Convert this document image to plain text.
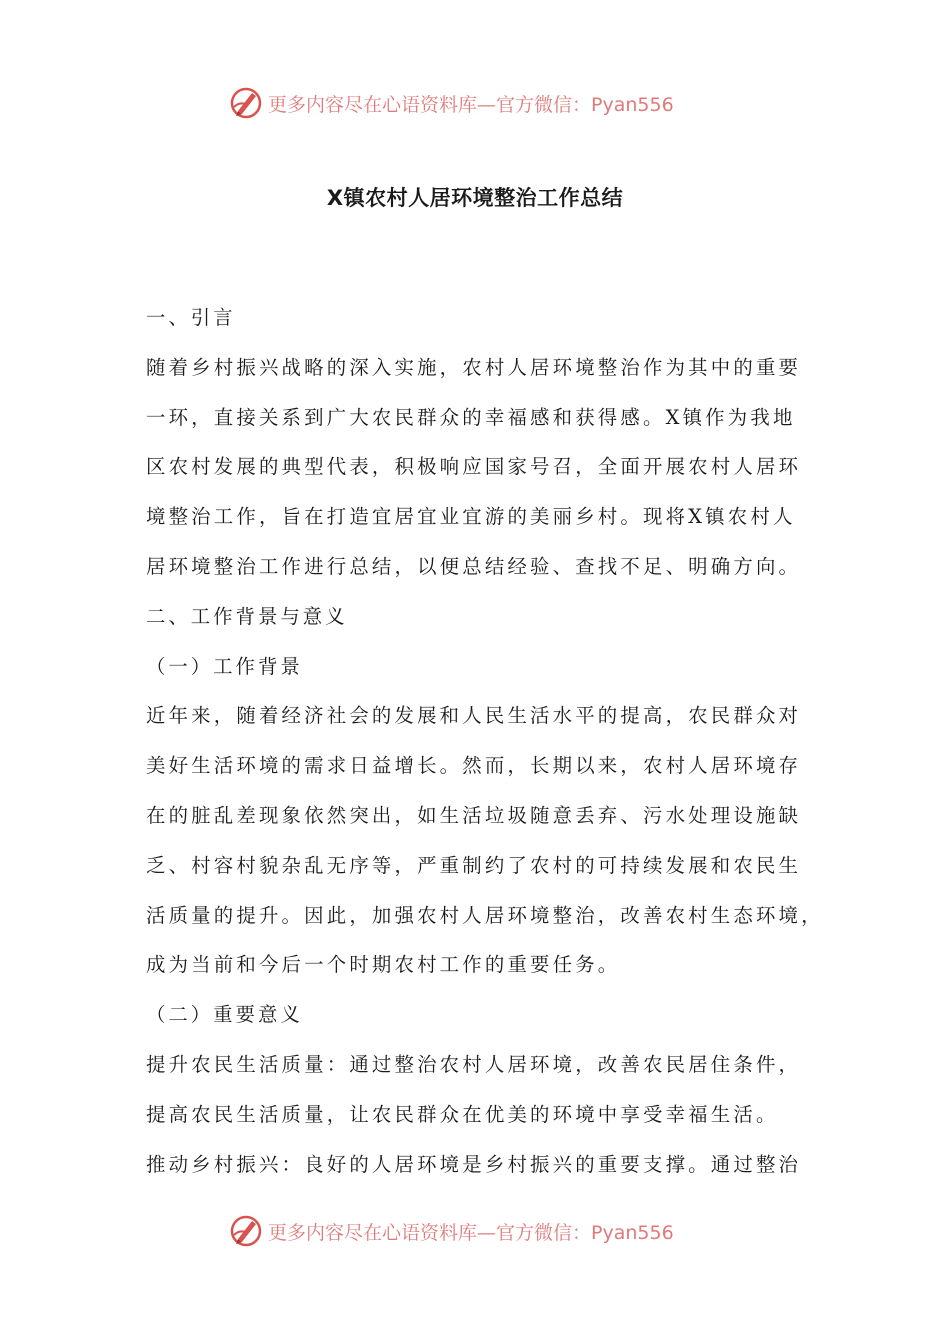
更多内容尽在心语资料库—官方微信：Pyan556
X镇农村人居环境整治工作总结
一、引言
随着乡村振兴战略的深入实施，农村人居环境整治作为其中的重要
一环，直接关系到广大农民群众的幸福感和获得感。X镇作为我地
区农村发展的典型代表，积极响应国家号召，全面开展农村人居环
境整治工作，旨在打造宜居宜业宜游的美丽乡村。现将X镇农村人
居环境整治工作进行总结，以便总结经验、查找不足、明确方向。
二、工作背景与意义
（一）工作背景
近年来，随着经济社会的发展和人民生活水平的提高，农民群众对
美好生活环境的需求日益增长。然而，长期以来，农村人居环境存
在的脏乱差现象依然突出，如生活垃圾随意丢弃、污水处理设施缺
乏、村容村貌杂乱无序等，严重制约了农村的可持续发展和农民生
活质量的提升。因此，加强农村人居环境整治，改善农村生态环境，
成为当前和今后一个时期农村工作的重要任务。
（二）重要意义
提升农民生活质量：通过整治农村人居环境，改善农民居住条件，
提高农民生活质量，让农民群众在优美的环境中享受幸福生活。
推动乡村振兴：良好的人居环境是乡村振兴的重要支撑。通过整治
更多内容尽在心语资料库—官方微信：Pyan556
